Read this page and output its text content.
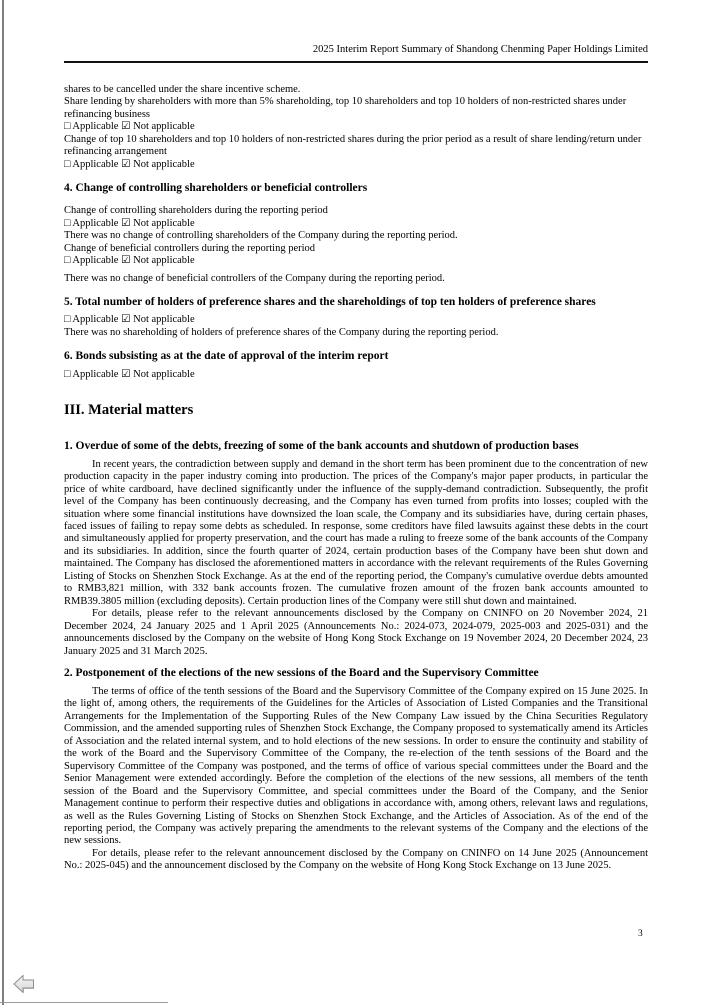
2025 Interim Report Summary of Shandong Chenming Paper Holdings Limited

shares to be cancelled under the share incentive scheme.

Share lending by shareholders with more than 5% shareholding, top 10 shareholders and top 10 holders of non-restricted shares under refinancing business

□ Applicable ☑ Not applicable

Change of top 10 shareholders and top 10 holders of non-restricted shares during the prior period as a result of share lending/return under refinancing arrangement

□ Applicable ☑ Not applicable

4. Change of controlling shareholders or beneficial controllers

Change of controlling shareholders during the reporting period

□ Applicable ☑ Not applicable

There was no change of controlling shareholders of the Company during the reporting period.

Change of beneficial controllers during the reporting period

□ Applicable ☑ Not applicable

There was no change of beneficial controllers of the Company during the reporting period.

5. Total number of holders of preference shares and the shareholdings of top ten holders of preference shares

□ Applicable ☑ Not applicable

There was no shareholding of holders of preference shares of the Company during the reporting period.

6. Bonds subsisting as at the date of approval of the interim report

□ Applicable ☑ Not applicable

III. Material matters

1. Overdue of some of the debts, freezing of some of the bank accounts and shutdown of production bases

In recent years, the contradiction between supply and demand in the short term has been prominent due to the concentration of new production capacity in the paper industry coming into production. The prices of the Company's major paper products, in particular the price of white cardboard, have declined significantly under the influence of the supply-demand contradiction. Subsequently, the profit level of the Company has been continuously decreasing, and the Company has even turned from profits into losses; coupled with the situation where some financial institutions have downsized the loan scale, the Company and its subsidiaries have, during certain phases, faced issues of failing to repay some debts as scheduled. In response, some creditors have filed lawsuits against these debts in the court and simultaneously applied for property preservation, and the court has made a ruling to freeze some of the bank accounts of the Company and its subsidiaries. In addition, since the fourth quarter of 2024, certain production bases of the Company have been shut down and maintained. The Company has disclosed the aforementioned matters in accordance with the relevant requirements of the Rules Governing Listing of Stocks on Shenzhen Stock Exchange. As at the end of the reporting period, the Company's cumulative overdue debts amounted to RMB3,821 million, with 332 bank accounts frozen. The cumulative frozen amount of the frozen bank accounts amounted to RMB39.3805 million (excluding deposits). Certain production lines of the Company were still shut down and maintained.

For details, please refer to the relevant announcements disclosed by the Company on CNINFO on 20 November 2024, 21 December 2024, 24 January 2025 and 1 April 2025 (Announcements No.: 2024-073, 2024-079, 2025-003 and 2025-031) and the announcements disclosed by the Company on the website of Hong Kong Stock Exchange on 19 November 2024, 20 December 2024, 23 January 2025 and 31 March 2025.

2. Postponement of the elections of the new sessions of the Board and the Supervisory Committee

The terms of office of the tenth sessions of the Board and the Supervisory Committee of the Company expired on 15 June 2025. In the light of, among others, the requirements of the Guidelines for the Articles of Association of Listed Companies and the Transitional Arrangements for the Implementation of the Supporting Rules of the New Company Law issued by the China Securities Regulatory Commission, and the amended supporting rules of Shenzhen Stock Exchange, the Company proposed to systematically amend its Articles of Association and the related internal system, and to hold elections of the new sessions. In order to ensure the continuity and stability of the work of the Board and the Supervisory Committee of the Company, the re-election of the tenth sessions of the Board and the Supervisory Committee of the Company was postponed, and the terms of office of various special committees under the Board and the Senior Management were extended accordingly. Before the completion of the elections of the new sessions, all members of the tenth session of the Board and the Supervisory Committee, and special committees under the Board of the Company, and the Senior Management continue to perform their respective duties and obligations in accordance with, among others, relevant laws and regulations, as well as the Rules Governing Listing of Stocks on Shenzhen Stock Exchange, and the Articles of Association. As of the end of the reporting period, the Company was actively preparing the amendments to the relevant systems of the Company and the elections of the new sessions.

For details, please refer to the relevant announcement disclosed by the Company on CNINFO on 14 June 2025 (Announcement No.: 2025-045) and the announcement disclosed by the Company on the website of Hong Kong Stock Exchange on 13 June 2025.

3
